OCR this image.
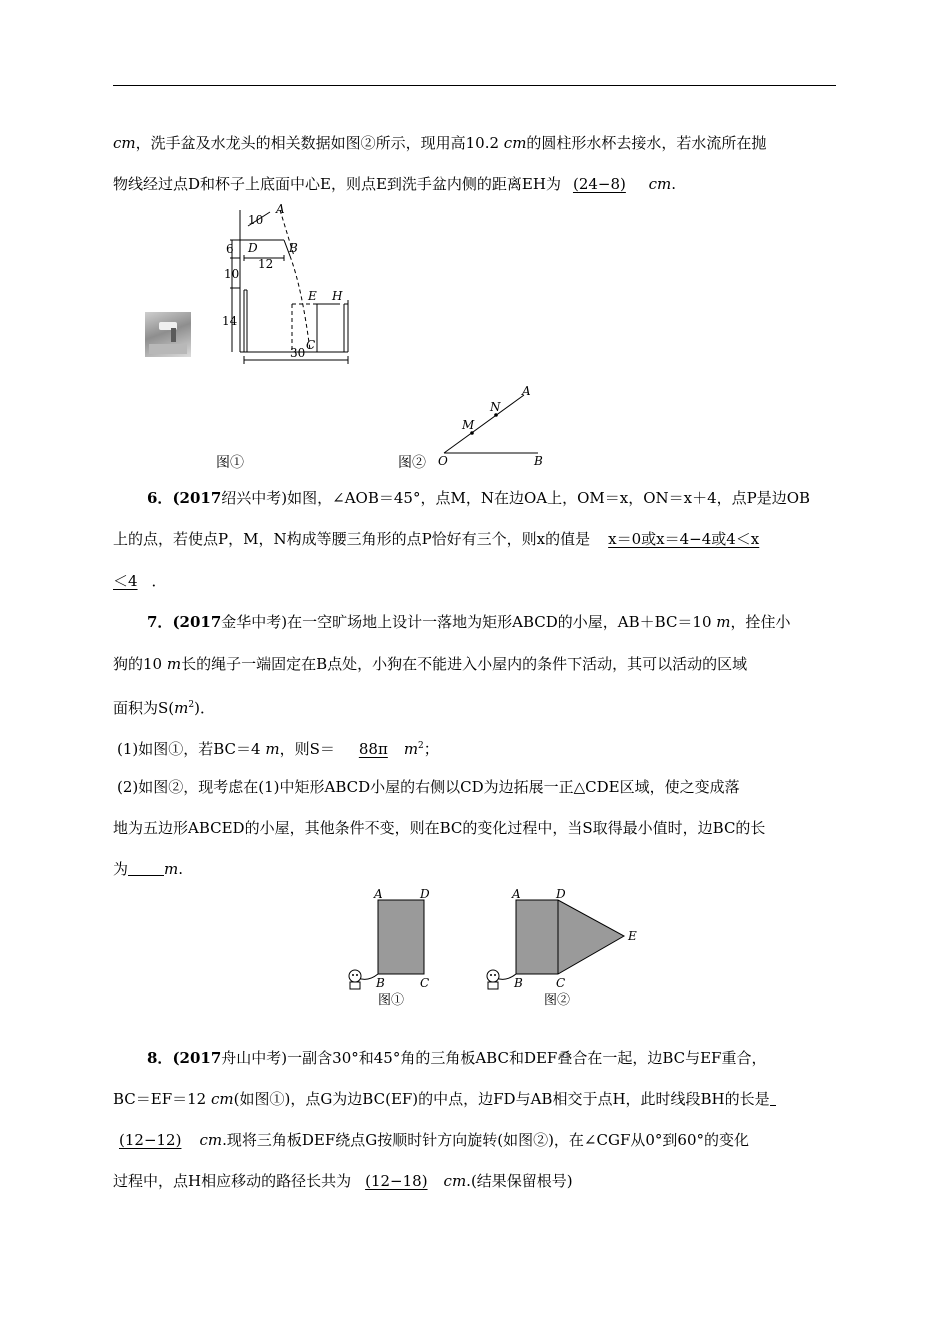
cm，洗手盆及水龙头的相关数据如图②所示，现用高10.2 cm的圆柱形水杯去接水，若水流所在抛
物线经过点D和杯子上底面中心E，则点E到洗手盆内侧的距离EH为 (24−8) cm.
A
D	B
C
E H
10
6
12
10
14
30
O	B
A
M
N
图①	图②
6．(2017绍兴中考)如图，∠AOB＝45°，点M，N在边OA上，OM＝x，ON＝x＋4，点P是边OB
上的点，若使点P，M，N构成等腰三角形的点P恰好有三个，则x的值是 x＝0或x＝4−4或4＜x
＜4 ．
7．(2017金华中考)在一空旷场地上设计一落地为矩形ABCD的小屋，AB＋BC＝10 m，拴住小
狗的10 m长的绳子一端固定在B点处，小狗在不能进入小屋内的条件下活动，其可以活动的区域
面积为$S(m^2)$．
(1)如图①，若BC＝4 m，则S＝ 88π $m^2$；
(2)如图②，现考虑在(1)中矩形ABCD小屋的右侧以CD为边拓展一正△CDE区域，使之变成落
地为五边形ABCED的小屋，其他条件不变，则在BC的变化过程中，当S取得最小值时，边BC的长
为 m.
A	D
B	C
图①
A	D
B	C
E
图②
8．(2017舟山中考)一副含30°和45°角的三角板ABC和DEF叠合在一起，边BC与EF重合，
BC＝EF＝12 cm(如图①)，点G为边BC(EF)的中点，边FD与AB相交于点H，此时线段BH的长是
(12−12) cm.现将三角板DEF绕点G按顺时针方向旋转(如图②)，在∠CGF从0°到60°的变化
过程中，点H相应移动的路径长共为 (12−18) cm.(结果保留根号)
